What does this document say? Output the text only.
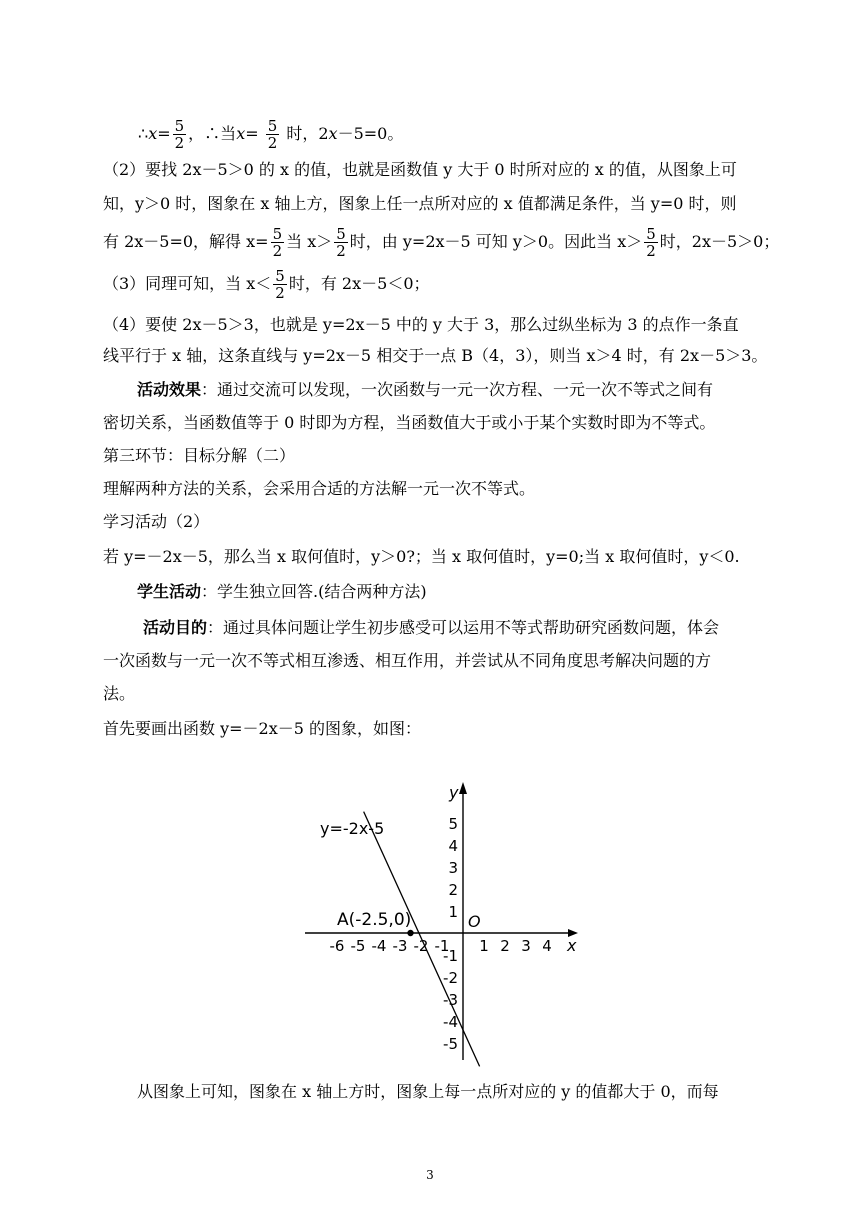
∴x= $\frac{5}{2}$ ，∴当$x= \frac{5}{2}$ 时，2x－5=0。
（2）要找 2x－5＞0 的 x 的值，也就是函数值 y 大于 0 时所对应的 x 的值，从图象上可
知，y＞0 时，图象在 x 轴上方，图象上任一点所对应的 x 值都满足条件，当 y=0 时，则
有 2x－5=0，解得 $x= \frac{5}{2}$ 当 $x> \frac{5}{2}$ 时，由 y=2x－5 可知 y＞0。因此当 $x> \frac{5}{2}$ 时，2x－5＞0；
（3）同理可知，当 $x< \frac{5}{2}$ 时，有 2x－5＜0；
（4）要使 2x－5＞3，也就是 y=2x－5 中的 y 大于 3，那么过纵坐标为 3 的点作一条直
线平行于 x 轴，这条直线与 y=2x－5 相交于一点 B（4，3），则当 x＞4 时，有 2x－5＞3。
活动效果：通过交流可以发现，一次函数与一元一次方程、一元一次不等式之间有
密切关系，当函数值等于 0 时即为方程，当函数值大于或小于某个实数时即为不等式。
第三环节：目标分解（二）
理解两种方法的关系，会采用合适的方法解一元一次不等式。
学习活动（2）
若 y=－2x－5，那么当 x 取何值时，y＞0?；当 x 取何值时，y=0;当 x 取何值时，y＜0.
学生活动：学生独立回答.(结合两种方法)
活动目的：通过具体问题让学生初步感受可以运用不等式帮助研究函数问题，体会
一次函数与一元一次不等式相互渗透、相互作用，并尝试从不同角度思考解决问题的方
法。
首先要画出函数 y=－2x－5 的图象，如图：
x
y
O
-6 -5 -4 -3 -2 -1 1 2 3 4
5
4
3
2
1
-1
-2
-3
-4
-5
A(-2.5,0)
y=-2x-5
从图象上可知，图象在 x 轴上方时，图象上每一点所对应的 y 的值都大于 0，而每
3
